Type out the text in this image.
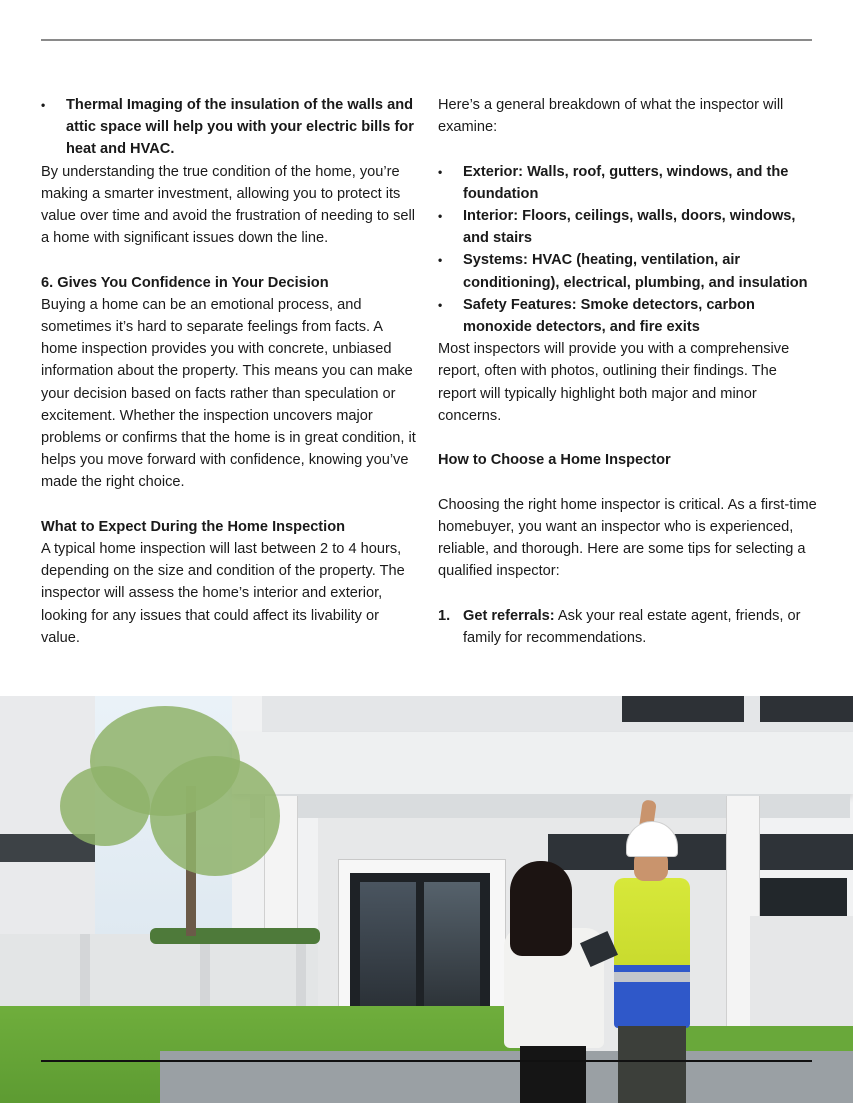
• Thermal Imaging of the insulation of the walls and attic space will help you with your electric bills for heat and HVAC.

By understanding the true condition of the home, you’re making a smarter investment, allowing you to protect its value over time and avoid the frustration of needing to sell a home with significant issues down the line.

6. Gives You Confidence in Your Decision

Buying a home can be an emotional process, and sometimes it’s hard to separate feelings from facts. A home inspection provides you with concrete, unbiased information about the property. This means you can make your decision based on facts rather than speculation or excitement. Whether the inspection uncovers major problems or confirms that the home is in great condition, it helps you move forward with confidence, knowing you’ve made the right choice.

What to Expect During the Home Inspection

A typical home inspection will last between 2 to 4 hours, depending on the size and condition of the property. The inspector will assess the home’s interior and exterior, looking for any issues that could affect its livability or value.

Here’s a general breakdown of what the inspector will examine:

• Exterior: Walls, roof, gutters, windows, and the foundation
• Interior: Floors, ceilings, walls, doors, windows, and stairs
• Systems: HVAC (heating, ventilation, air conditioning), electrical, plumbing, and insulation
• Safety Features: Smoke detectors, carbon monoxide detectors, and fire exits

Most inspectors will provide you with a comprehensive report, often with photos, outlining their findings. The report will typically highlight both major and minor concerns.

How to Choose a Home Inspector

Choosing the right home inspector is critical. As a first-time homebuyer, you want an inspector who is experienced, reliable, and thorough. Here are some tips for selecting a qualified inspector:

1. Get referrals: Ask your real estate agent, friends, or family for recommendations.
